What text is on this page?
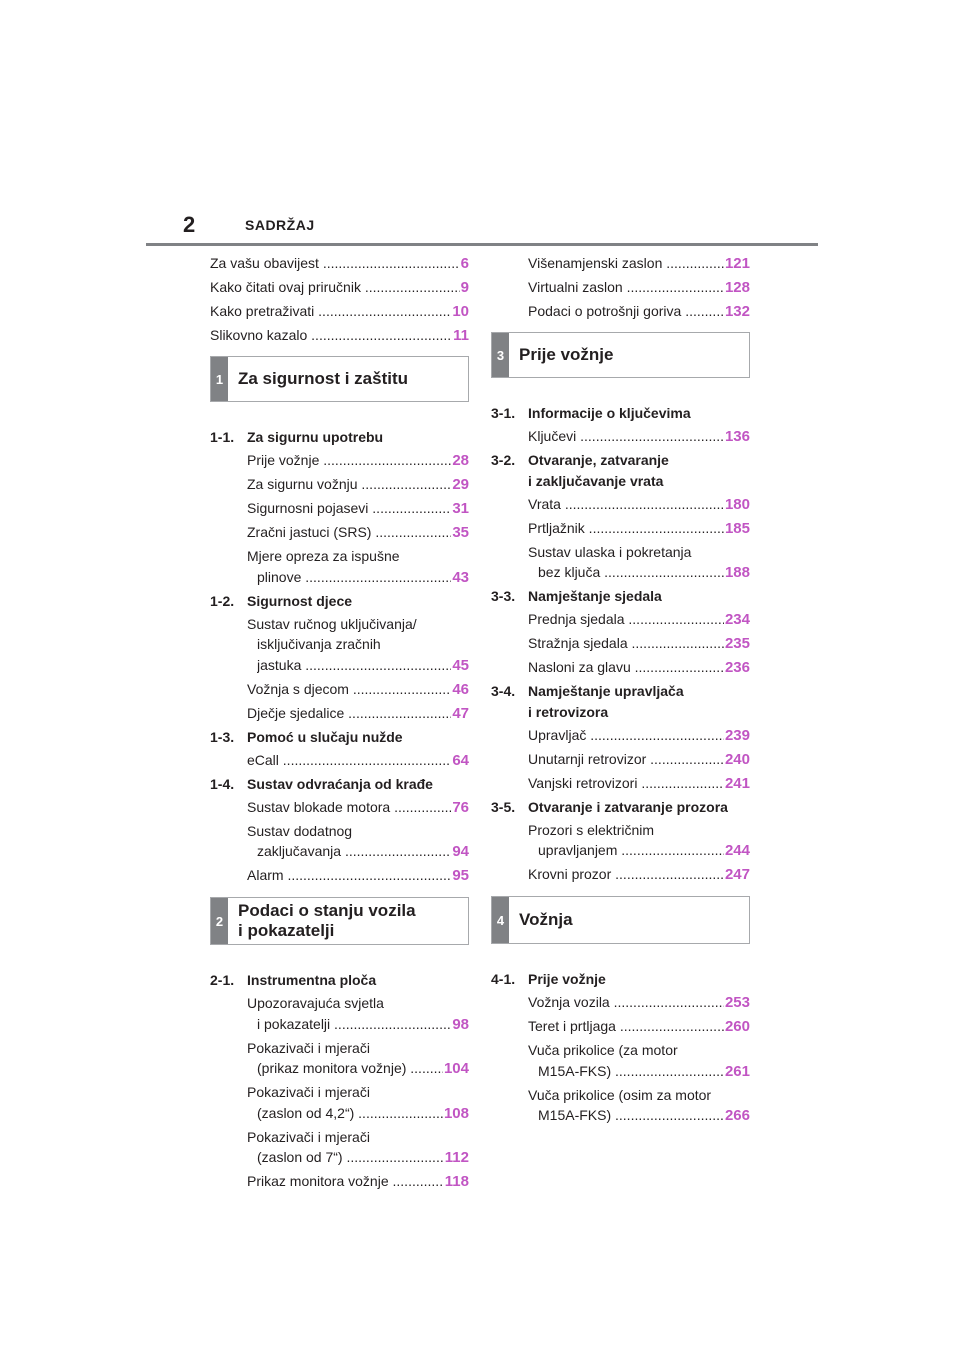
2	SADRŽAJ
Za vašu obavijest .....	6
Kako čitati ovaj priručnik .....	9
Kako pretraživati .....	10
Slikovno kazalo .....	11
1 Za sigurnost i zaštitu
1-1. Za sigurnu upotrebu
Prije vožnje .....	28
Za sigurnu vožnju .....	29
Sigurnosni pojasevi .....	31
Zračni jastuci (SRS) .....	35
Mjere opreza za ispušne
plinove .....	43
1-2. Sigurnost djece
Sustav ručnog uključivanja/
isključivanja zračnih
jastuka .....	45
Vožnja s djecom .....	46
Dječje sjedalice .....	47
1-3. Pomoć u slučaju nužde
eCall .....	64
1-4. Sustav odvraćanja od krađe
Sustav blokade motora .....	76
Sustav dodatnog
zaključavanja .....	94
Alarm .....	95
2
Podaci o stanju vozila
i pokazatelji
2-1. Instrumentna ploča
Upozoravajuća svjetla
i pokazatelji .....	98
Pokazivači i mjerači
(prikaz monitora vožnje) .....	104
Pokazivači i mjerači
(zaslon od 4,2“) .....	108
Pokazivači i mjerači
(zaslon od 7“) .....	112
Prikaz monitora vožnje .....	118
Višenamjenski zaslon .....	121
Virtualni zaslon .....	128
Podaci o potrošnji goriva .....	132
3 Prije vožnje
3-1. Informacije o ključevima
Ključevi .....	136
3-2. Otvaranje, zatvaranje
i zaključavanje vrata
Vrata .....	180
Prtljažnik .....	185
Sustav ulaska i pokretanja
bez ključa .....	188
3-3. Namještanje sjedala
Prednja sjedala .....	234
Stražnja sjedala .....	235
Nasloni za glavu .....	236
3-4. Namještanje upravljača
i retrovizora
Upravljač .....	239
Unutarnji retrovizor .....	240
Vanjski retrovizori .....	241
3-5. Otvaranje i zatvaranje prozora
Prozori s električnim
upravljanjem .....	244
Krovni prozor .....	247
4 Vožnja
4-1. Prije vožnje
Vožnja vozila .....	253
Teret i prtljaga .....	260
Vuča prikolice (za motor
M15A-FKS) .....	261
Vuča prikolice (osim za motor
M15A-FKS) .....	266
